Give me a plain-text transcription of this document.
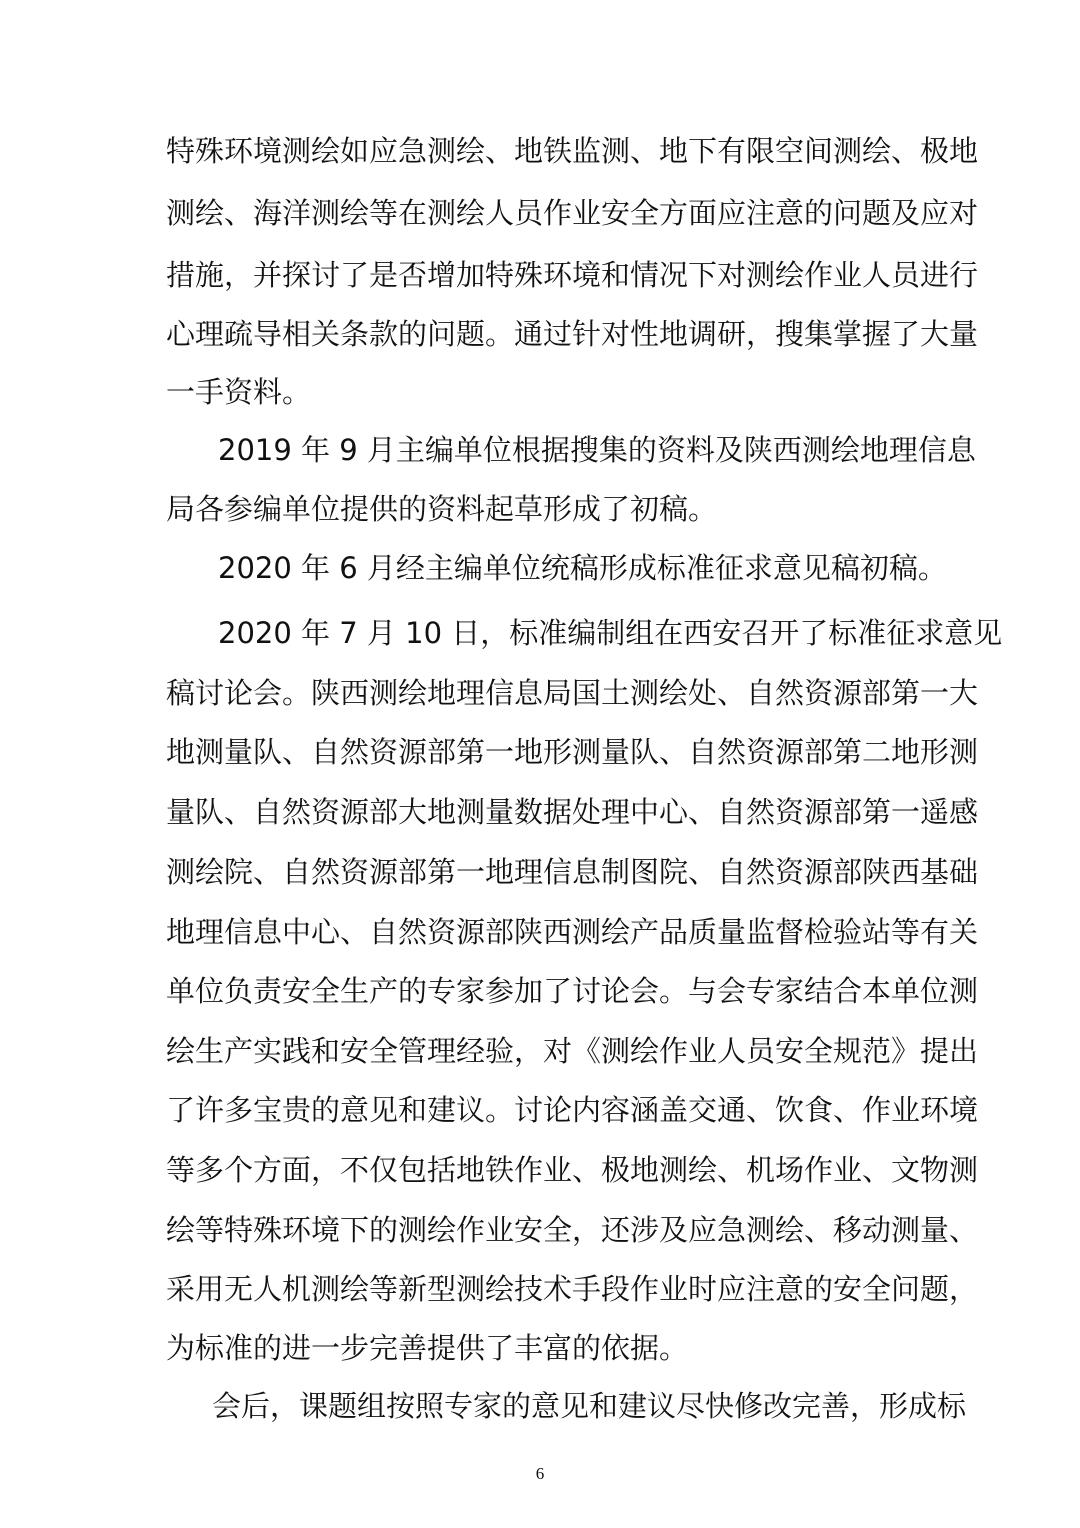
特殊环境测绘如应急测绘、地铁监测、地下有限空间测绘、极地
测绘、海洋测绘等在测绘人员作业安全方面应注意的问题及应对
措施，并探讨了是否增加特殊环境和情况下对测绘作业人员进行
心理疏导相关条款的问题。通过针对性地调研，搜集掌握了大量
一手资料。
2019 年 9 月主编单位根据搜集的资料及陕西测绘地理信息
局各参编单位提供的资料起草形成了初稿。
2020 年 6 月经主编单位统稿形成标准征求意见稿初稿。
2020 年 7 月 10 日，标准编制组在西安召开了标准征求意见
稿讨论会。陕西测绘地理信息局国土测绘处、自然资源部第一大
地测量队、自然资源部第一地形测量队、自然资源部第二地形测
量队、自然资源部大地测量数据处理中心、自然资源部第一遥感
测绘院、自然资源部第一地理信息制图院、自然资源部陕西基础
地理信息中心、自然资源部陕西测绘产品质量监督检验站等有关
单位负责安全生产的专家参加了讨论会。与会专家结合本单位测
绘生产实践和安全管理经验，对《测绘作业人员安全规范》提出
了许多宝贵的意见和建议。讨论内容涵盖交通、饮食、作业环境
等多个方面，不仅包括地铁作业、极地测绘、机场作业、文物测
绘等特殊环境下的测绘作业安全，还涉及应急测绘、移动测量、
采用无人机测绘等新型测绘技术手段作业时应注意的安全问题，
为标准的进一步完善提供了丰富的依据。
会后，课题组按照专家的意见和建议尽快修改完善，形成标
6
